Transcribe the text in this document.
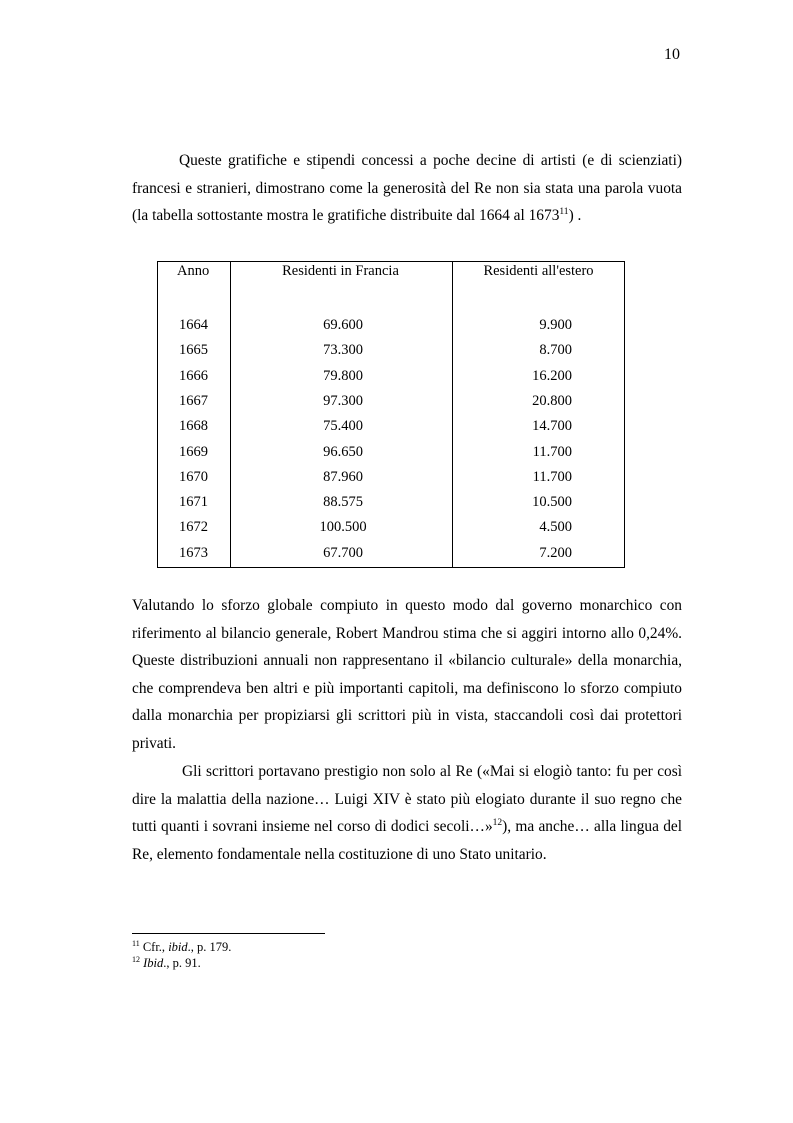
10

Queste gratifiche e stipendi concessi a poche decine di artisti (e di scienziati) francesi e stranieri, dimostrano come la generosità del Re non sia stata una parola vuota (la tabella sottostante mostra le gratifiche distribuite dal 1664 al 1673$^{11}$) .

Anno	Residenti in Francia	Residenti all'estero
1664	69.600	9.900
1665	73.300	8.700
1666	79.800	16.200
1667	97.300	20.800
1668	75.400	14.700
1669	96.650	11.700
1670	87.960	11.700
1671	88.575	10.500
1672	100.500	4.500
1673	67.700	7.200

Valutando lo sforzo globale compiuto in questo modo dal governo monarchico con riferimento al bilancio generale, Robert Mandrou stima che si aggiri intorno allo 0,24%. Queste distribuzioni annuali non rappresentano il «bilancio culturale» della monarchia, che comprendeva ben altri e più importanti capitoli, ma definiscono lo sforzo compiuto dalla monarchia per propiziarsi gli scrittori più in vista, staccandoli così dai protettori privati.

Gli scrittori portavano prestigio non solo al Re («Mai si elogiò tanto: fu per così dire la malattia della nazione… Luigi XIV è stato più elogiato durante il suo regno che tutti quanti i sovrani insieme nel corso di dodici secoli…»$^{12}$), ma anche… alla lingua del Re, elemento fondamentale nella costituzione di uno Stato unitario.

$^{11}$ Cfr., ibid., p. 179.
$^{12}$ Ibid., p. 91.
